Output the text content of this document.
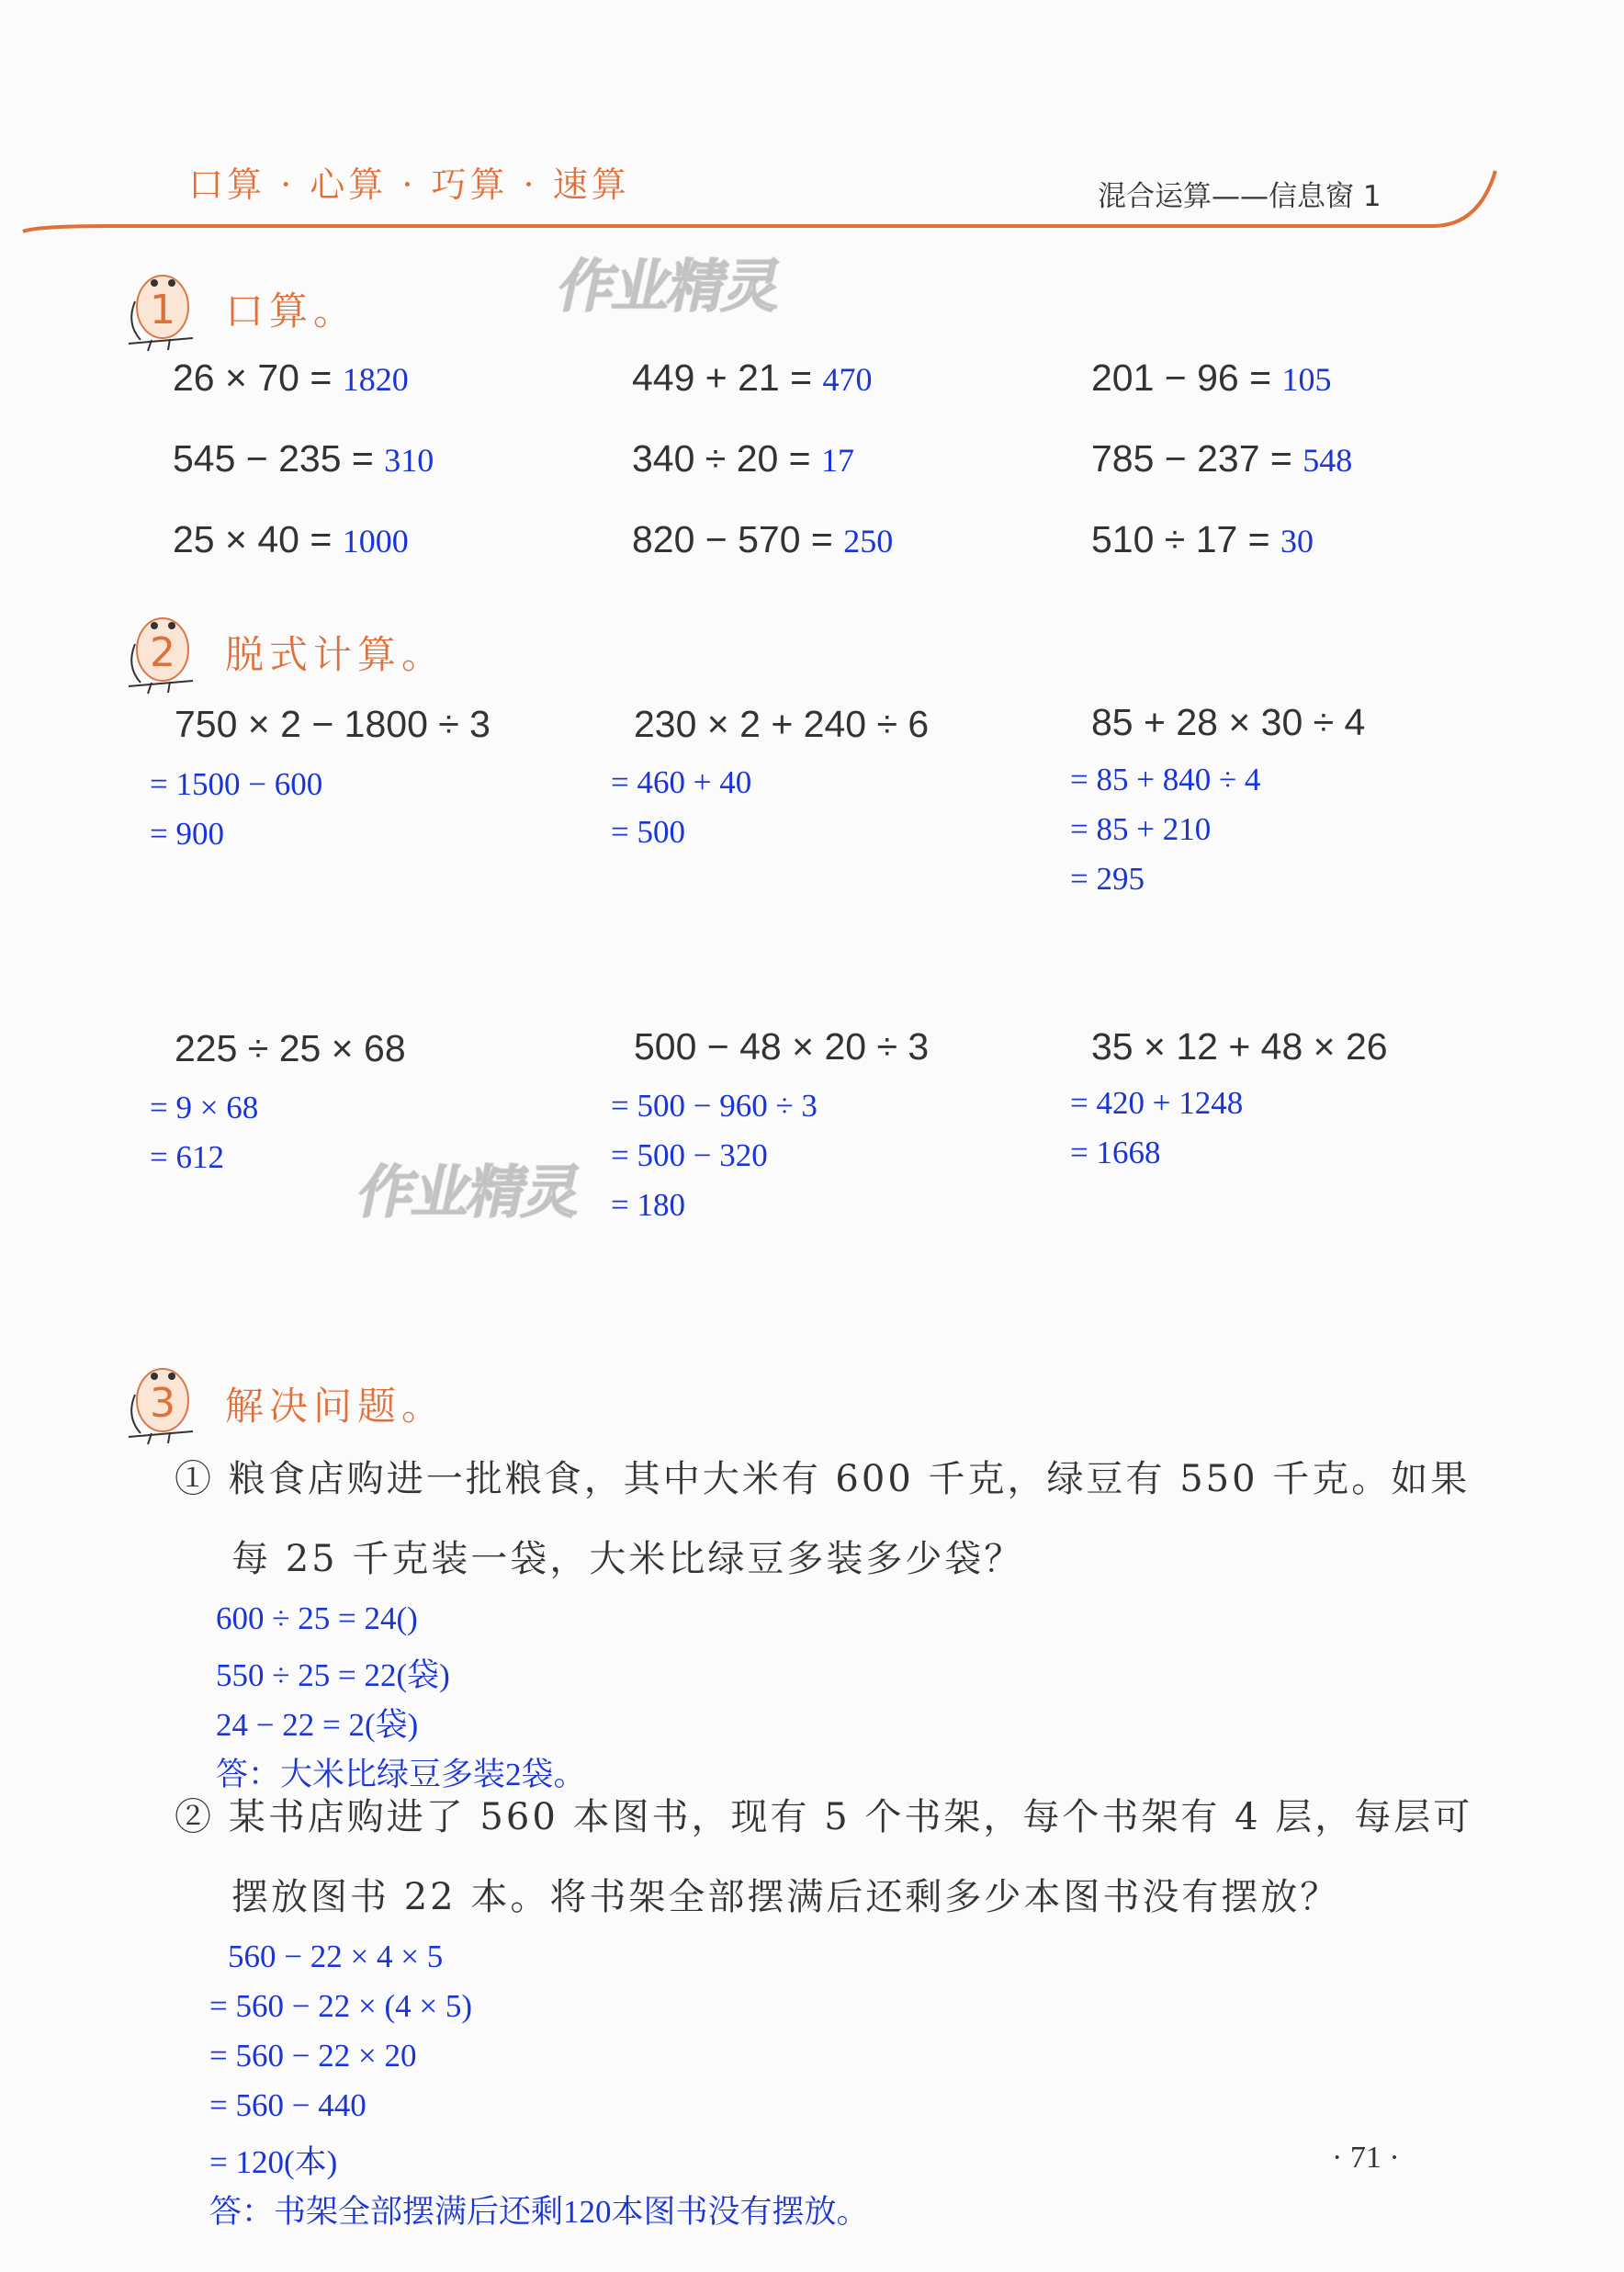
口算 · 心算 · 巧算 · 速算	混合运算——信息窗 1
作业精灵
作业精灵
1 口算。
26 × 70 = 1820	449 + 21 = 470	201 − 96 = 105
545 − 235 = 310	340 ÷ 20 = 17	785 − 237 = 548
25 × 40 = 1000	820 − 570 = 250	510 ÷ 17 = 30
2 脱式计算。
750 × 2 − 1800 ÷ 3
= 1500 − 600
= 900
230 × 2 + 240 ÷ 6
= 460 + 40
= 500
85 + 28 × 30 ÷ 4
= 85 + 840 ÷ 4
= 85 + 210
= 295
225 ÷ 25 × 68
= 9 × 68
= 612
500 − 48 × 20 ÷ 3
= 500 − 960 ÷ 3
= 500 − 320
= 180
35 × 12 + 48 × 26
= 420 + 1248
= 1668
3 解决问题。
① 粮食店购进一批粮食，其中大米有 600 千克，绿豆有 550 千克。如果
每 25 千克装一袋，大米比绿豆多装多少袋？
600 ÷ 25 = 24()
550 ÷ 25 = 22(袋)
24 − 22 = 2(袋)
答：大米比绿豆多装2袋。
② 某书店购进了 560 本图书，现有 5 个书架，每个书架有 4 层，每层可
摆放图书 22 本。将书架全部摆满后还剩多少本图书没有摆放？
560 − 22 × 4 × 5
= 560 − 22 × (4 × 5)
= 560 − 22 × 20
= 560 − 440
= 120(本)
答：书架全部摆满后还剩120本图书没有摆放。
· 71 ·
